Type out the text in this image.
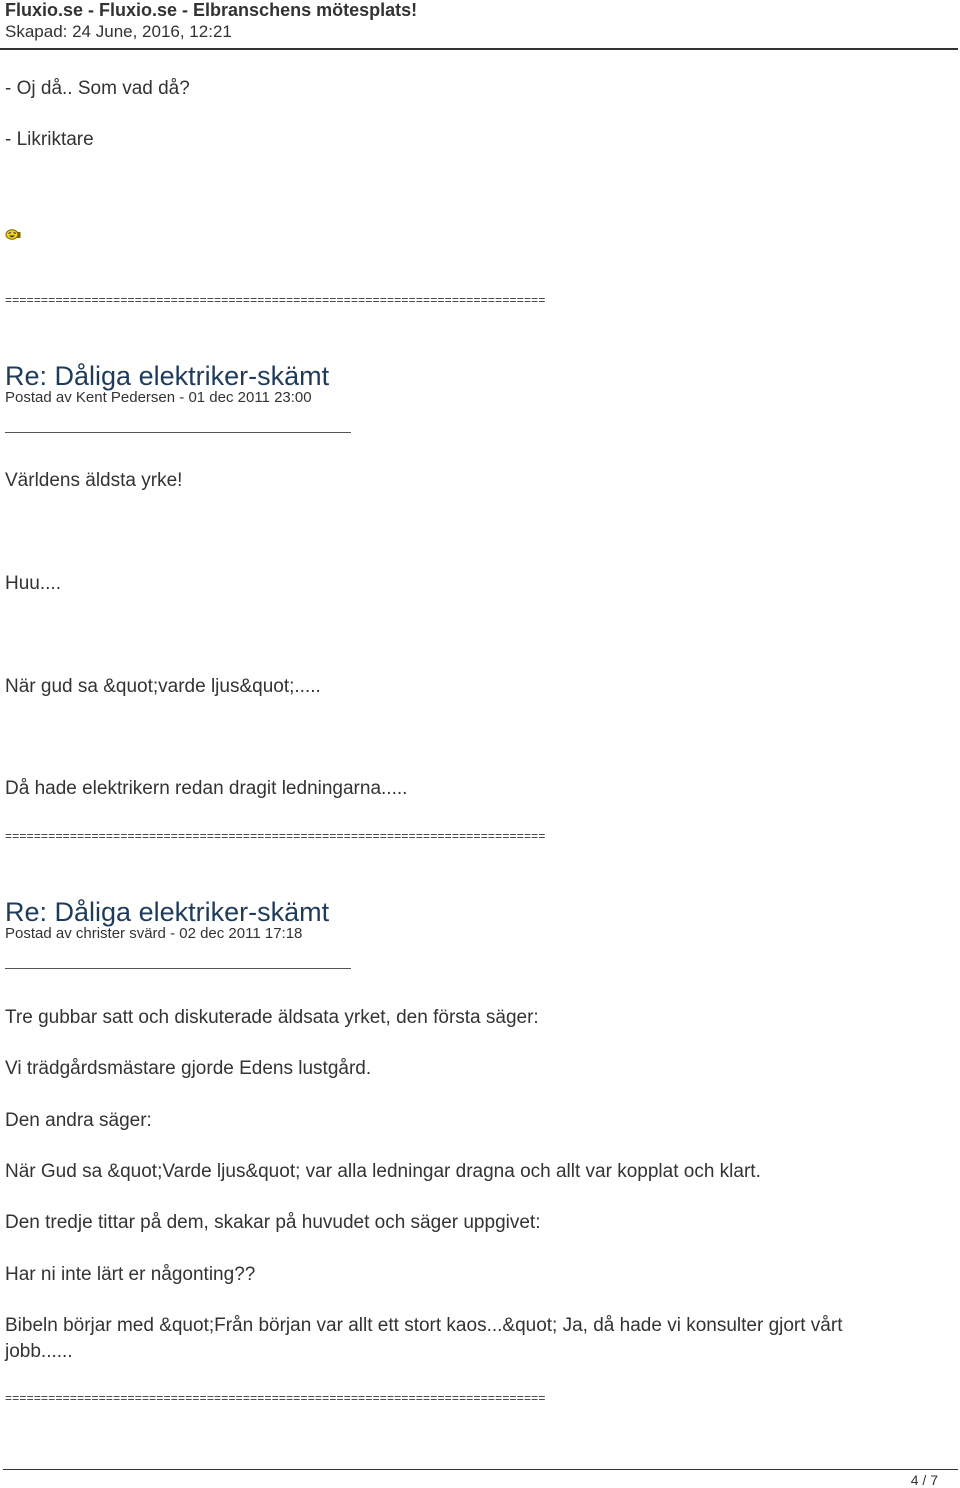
Fluxio.se - Fluxio.se - Elbranschens mötesplats!
Skapad: 24 June, 2016, 12:21
- Oj då.. Som vad då?
- Likriktare
===========================================================================
Re: Dåliga elektriker-skämt
Postad av Kent Pedersen - 01 dec 2011 23:00
Världens äldsta yrke!
Huu....
När gud sa &quot;varde ljus&quot;.....
Då hade elektrikern redan dragit ledningarna.....
===========================================================================
Re: Dåliga elektriker-skämt
Postad av christer svärd - 02 dec 2011 17:18
Tre gubbar satt och diskuterade äldsata yrket, den första säger:
Vi trädgårdsmästare gjorde Edens lustgård.
Den andra säger:
När Gud sa &quot;Varde ljus&quot; var alla ledningar dragna och allt var kopplat och klart.
Den tredje tittar på dem, skakar på huvudet och säger uppgivet:
Har ni inte lärt er någonting??
Bibeln börjar med &quot;Från början var allt ett stort kaos...&quot; Ja, då hade vi konsulter gjort vårt
jobb......
===========================================================================
4 / 7
